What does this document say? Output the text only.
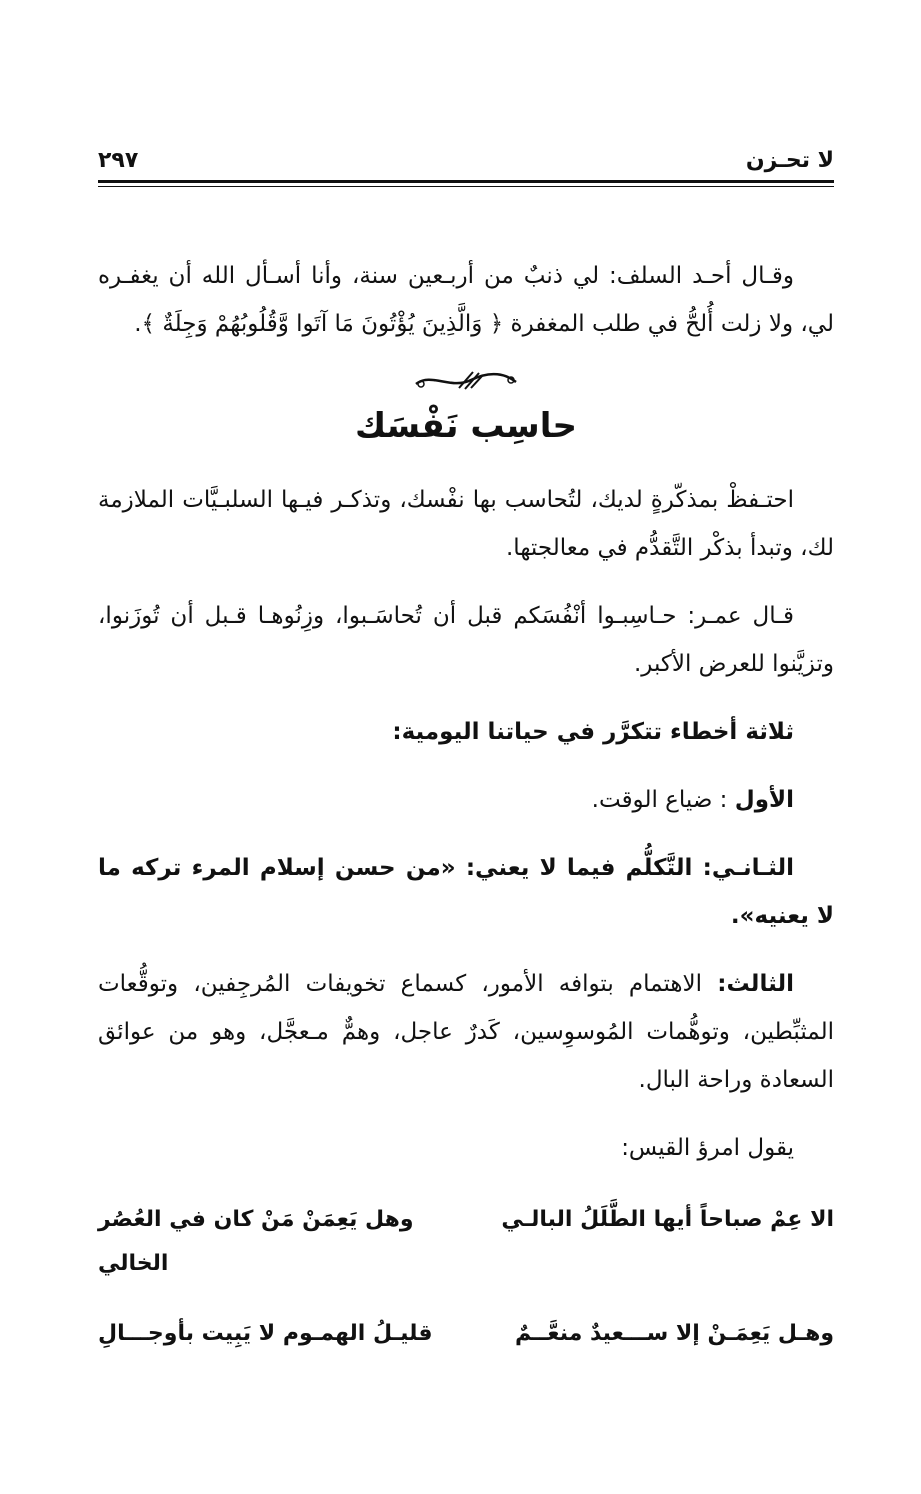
لا تحـزن
٢٩٧

وقـال أحـد السلف: لي ذنبٌ من أربـعين سنة، وأنا أسـأل الله أن يغفـره لي، ولا زلت أُلحُّ في طلب المغفرة ﴿ وَالَّذِينَ يُؤْتُونَ مَا آتَوا وَّقُلُوبُهُمْ وَجِلَةٌ ﴾.

حاسِب نَفْسَك

احتـفظْ بمذكّرةٍ لديك، لتُحاسب بها نفْسك، وتذكـر فيـها السلبـيَّات الملازمة لك، وتبدأ بذكْر التَّقدُّم في معالجتها.

قـال عمـر: حـاسِبـوا أنْفُسَكم قبل أن تُحاسَـبوا، وزِنُوهـا قـبل أن تُوزَنوا، وتزيَّنوا للعرض الأكبر.

ثلاثة أخطاء تتكرَّر في حياتنا اليومية:

الأول : ضياع الوقت.

الثـانـي: التَّكلُّم فيما لا يعني: «من حسن إسلام المرء تركه ما لا يعنيه».

الثالث: الاهتمام بتوافه الأمور، كسماع تخويفات المُرجِفين، وتوقُّعات المثبِّطين، وتوهُّمات المُوسوِسين، كَدرٌ عاجل، وهمٌّ مـعجَّل، وهو من عوائق السعادة وراحة البال.

يقول امرؤ القيس:

الا عِمْ صباحاً أيها الطَّلَلُ البالـي
وهل يَعِمَنْ مَنْ كان في العُصُر الخالي
وهـل يَعِمَـنْ إلا ســـعيدٌ منعَّــمٌ
قليـلُ الهمـوم لا يَبِيت بأوجـــالِ
